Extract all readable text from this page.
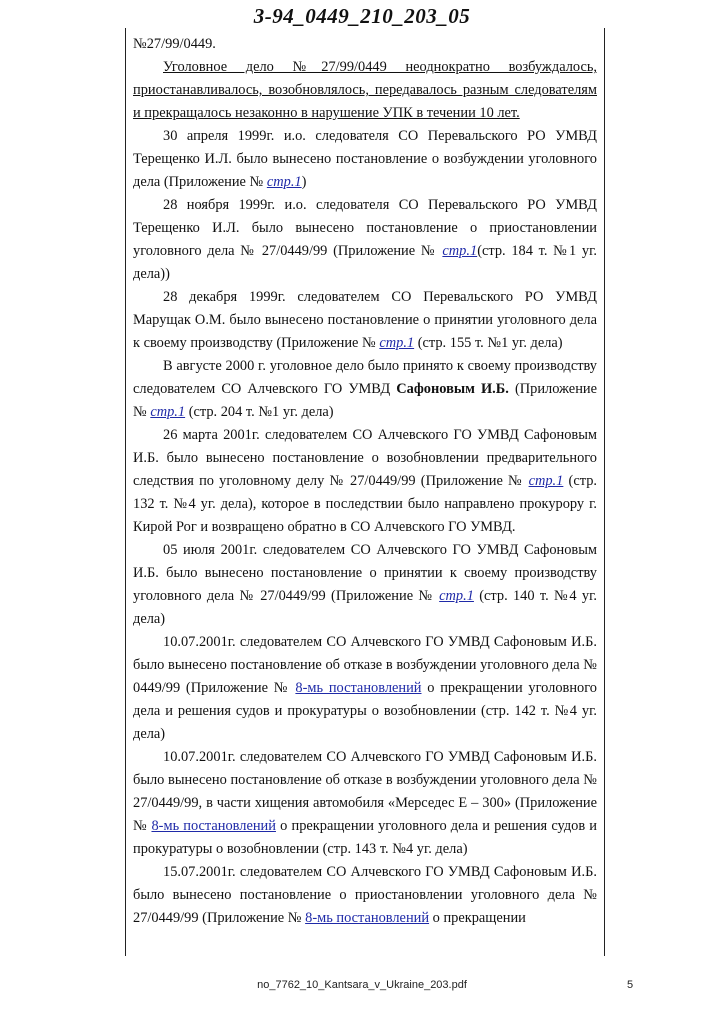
3-94_0449_210_203_05

№27/99/0449.

Уголовное дело №27/99/0449 неоднократно возбуждалось, приостанавливалось, возобновлялось, передавалось разным следователям и прекращалось незаконно в нарушение УПК в течении 10 лет.

30 апреля 1999г. и.о. следователя СО Перевальского РО УМВД Терещенко И.Л. было вынесено постановление о возбуждении уголовного дела (Приложение № стр.1)

28 ноября 1999г. и.о. следователя СО Перевальского РО УМВД Терещенко И.Л. было вынесено постановление о приостановлении уголовного дела № 27/0449/99 (Приложение № стр.1(стр. 184 т. №1 уг. дела))

28 декабря 1999г. следователем СО Перевальского РО УМВД Марущак О.М. было вынесено постановление о принятии уголовного дела к своему производству (Приложение № стр.1 (стр. 155 т. №1 уг. дела)

В августе 2000 г. уголовное дело было принято к своему производству следователем СО Алчевского ГО УМВД Сафоновым И.Б. (Приложение № стр.1 (стр. 204 т. №1 уг. дела)

26 марта 2001г. следователем СО Алчевского ГО УМВД Сафоновым И.Б. было вынесено постановление о возобновлении предварительного следствия по уголовному делу № 27/0449/99 (Приложение № стр.1 (стр. 132 т. №4 уг. дела), которое в последствии было направлено прокурору г. Кирой Рог и возвращено обратно в СО Алчевского ГО УМВД.

05 июля 2001г. следователем СО Алчевского ГО УМВД Сафоновым И.Б. было вынесено постановление о принятии к своему производству уголовного дела № 27/0449/99 (Приложение № стр.1 (стр. 140 т. №4 уг. дела)

10.07.2001г. следователем СО Алчевского ГО УМВД Сафоновым И.Б. было вынесено постановление об отказе в возбуждении уголовного дела № 0449/99 (Приложение № 8-мь постановлений о прекращении уголовного дела и решения судов и прокуратуры о возобновлении (стр. 142 т. №4 уг. дела)

10.07.2001г. следователем СО Алчевского ГО УМВД Сафоновым И.Б. было вынесено постановление об отказе в возбуждении уголовного дела № 27/0449/99, в части хищения автомобиля «Мерседес Е – 300» (Приложение № 8-мь постановлений о прекращении уголовного дела и решения судов и прокуратуры о возобновлении (стр. 143 т. №4 уг. дела)

15.07.2001г. следователем СО Алчевского ГО УМВД Сафоновым И.Б. было вынесено постановление о приостановлении уголовного дела № 27/0449/99 (Приложение № 8-мь постановлений о прекращении

no_7762_10_Kantsara_v_Ukraine_203.pdf	5
